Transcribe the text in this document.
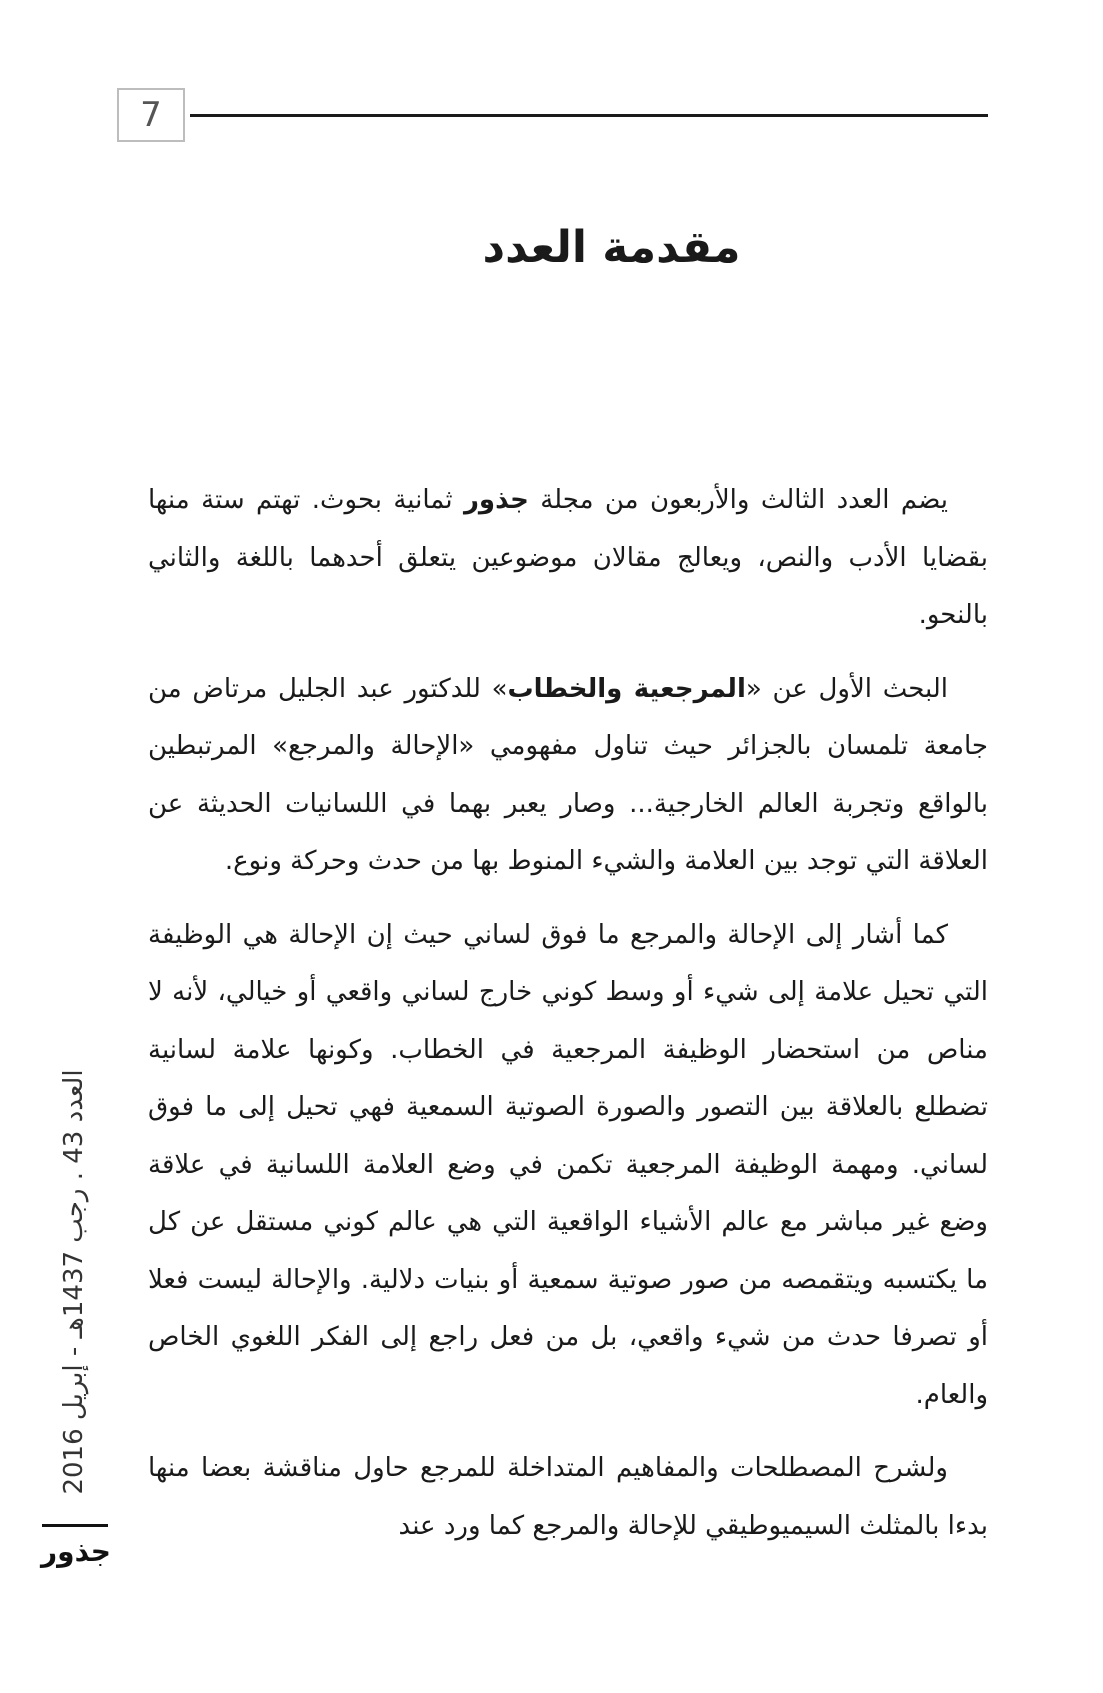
7
مقدمة العدد

يضم العدد الثالث والأربعون من مجلة جذور ثمانية بحوث. تهتم ستة منها بقضايا الأدب والنص، ويعالج مقالان موضوعين يتعلق أحدهما باللغة والثاني بالنحو.

البحث الأول عن «المرجعية والخطاب» للدكتور عبد الجليل مرتاض من جامعة تلمسان بالجزائر حيث تناول مفهومي «الإحالة والمرجع» المرتبطين بالواقع وتجربة العالم الخارجية... وصار يعبر بهما في اللسانيات الحديثة عن العلاقة التي توجد بين العلامة والشيء المنوط بها من حدث وحركة ونوع.

كما أشار إلى الإحالة والمرجع ما فوق لساني حيث إن الإحالة هي الوظيفة التي تحيل علامة إلى شيء أو وسط كوني خارج لساني واقعي أو خيالي، لأنه لا مناص من استحضار الوظيفة المرجعية في الخطاب. وكونها علامة لسانية تضطلع بالعلاقة بين التصور والصورة الصوتية السمعية فهي تحيل إلى ما فوق لساني. ومهمة الوظيفة المرجعية تكمن في وضع العلامة اللسانية في علاقة وضع غير مباشر مع عالم الأشياء الواقعية التي هي عالم كوني مستقل عن كل ما يكتسبه ويتقمصه من صور صوتية سمعية أو بنيات دلالية. والإحالة ليست فعلا أو تصرفا حدث من شيء واقعي، بل من فعل راجع إلى الفكر اللغوي الخاص والعام.

ولشرح المصطلحات والمفاهيم المتداخلة للمرجع حاول مناقشة بعضا منها بدءا بالمثلث السيميوطيقي للإحالة والمرجع كما ورد عند

العدد 43 . رجب 1437هـ - إبريل 2016
جذور
